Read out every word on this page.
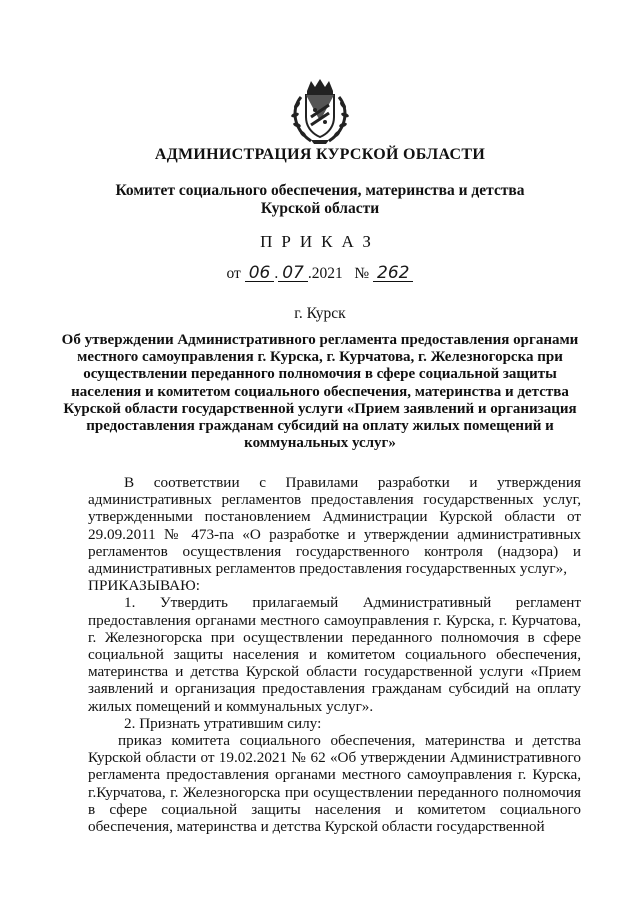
АДМИНИСТРАЦИЯ КУРСКОЙ ОБЛАСТИ
Комитет социального обеспечения, материнства и детства
Курской области
ПРИКАЗ
от 06 . 07 .2021 № 262
г. Курск
Об утверждении Административного регламента предоставления органами местного самоуправления г. Курска, г. Курчатова, г. Железногорска при осуществлении переданного полномочия в сфере социальной защиты населения и комитетом социального обеспечения, материнства и детства Курской области государственной услуги «Прием заявлений и организация предоставления гражданам субсидий на оплату жилых помещений и коммунальных услуг»

В соответствии с Правилами разработки и утверждения административных регламентов предоставления государственных услуг, утвержденными постановлением Администрации Курской области от 29.09.2011 № 473-па «О разработке и утверждении административных регламентов осуществления государственного контроля (надзора) и административных регламентов предоставления государственных услуг»,

ПРИКАЗЫВАЮ:

1. Утвердить прилагаемый Административный регламент предоставления органами местного самоуправления г. Курска, г. Курчатова, г. Железногорска при осуществлении переданного полномочия в сфере социальной защиты населения и комитетом социального обеспечения, материнства и детства Курской области государственной услуги «Прием заявлений и организация предоставления гражданам субсидий на оплату жилых помещений и коммунальных услуг».

2. Признать утратившим силу:

приказ комитета социального обеспечения, материнства и детства Курской области от 19.02.2021 № 62 «Об утверждении Административного регламента предоставления органами местного самоуправления г. Курска, г.Курчатова, г. Железногорска при осуществлении переданного полномочия в сфере социальной защиты населения и комитетом социального обеспечения, материнства и детства Курской области государственной
